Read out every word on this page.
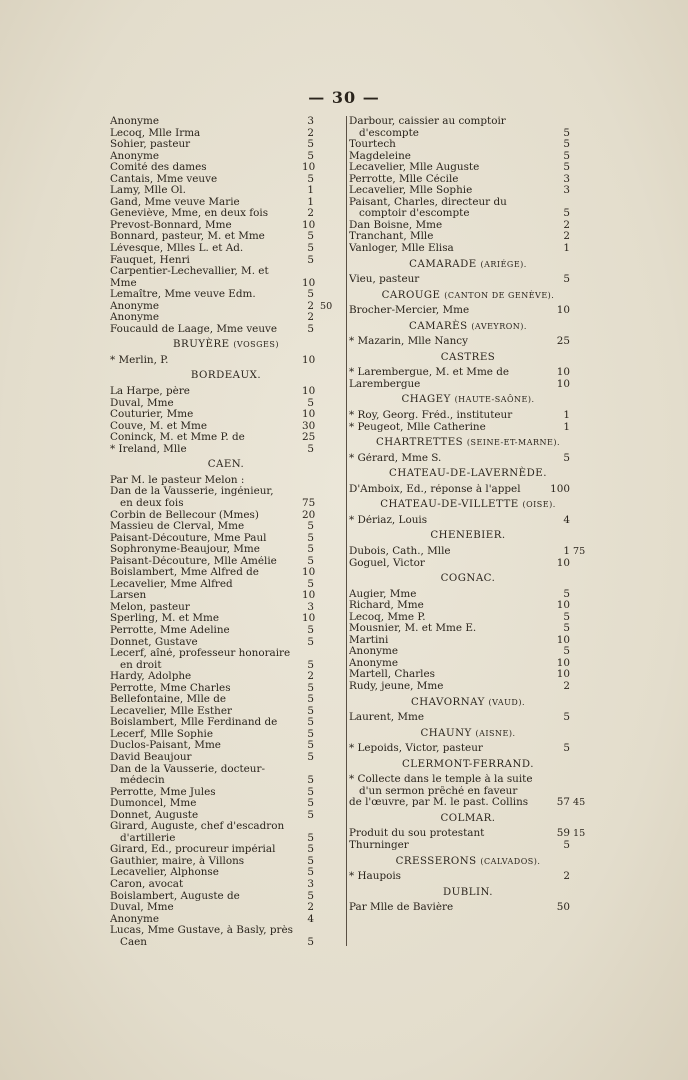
— 30 —
Anonyme	3
Lecoq, Mlle Irma	2
Sohier, pasteur	5
Anonyme	5
Comité des dames	10
Cantais, Mme veuve	5
Lamy, Mlle Ol.	1
Gand, Mme veuve Marie	1
Geneviève, Mme, en deux fois	2
Prevost-Bonnard, Mme	10
Bonnard, pasteur, M. et Mme	5
Lévesque, Mlles L. et Ad.	5
Fauquet, Henri	5
Carpentier-Lechevallier, M. et
Mme	10
Lemaître, Mme veuve Edm.	5
Anonyme	2 50
Anonyme	2
Foucauld de Laage, Mme veuve	5
BRUYÈRE (VOSGES)
* Merlin, P.	10
BORDEAUX.
La Harpe, père	10
Duval, Mme	5
Couturier, Mme	10
Couve, M. et Mme	30
Coninck, M. et Mme P. de	25
* Ireland, Mlle	5
CAEN.
Par M. le pasteur Melon :
Dan de la Vausserie, ingénieur,
en deux fois	75
Corbin de Bellecour (Mmes)	20
Massieu de Clerval, Mme	5
Paisant-Découture, Mme Paul	5
Sophronyme-Beaujour, Mme	5
Paisant-Découture, Mlle Amélie	5
Boislambert, Mme Alfred de	10
Lecavelier, Mme Alfred	5
Larsen	10
Melon, pasteur	3
Sperling, M. et Mme	10
Perrotte, Mme Adeline	5
Donnet, Gustave	5
Lecerf, aîné, professeur honoraire
en droit	5
Hardy, Adolphe	2
Perrotte, Mme Charles	5
Bellefontaine, Mlle de	5
Lecavelier, Mlle Esther	5
Boislambert, Mlle Ferdinand de	5
Lecerf, Mlle Sophie	5
Duclos-Paisant, Mme	5
David Beaujour	5
Dan de la Vausserie, docteur-
médecin	5
Perrotte, Mme Jules	5
Dumoncel, Mme	5
Donnet, Auguste	5
Girard, Auguste, chef d'escadron
d'artillerie	5
Girard, Ed., procureur impérial	5
Gauthier, maire, à Villons	5
Lecavelier, Alphonse	5
Caron, avocat	3
Boislambert, Auguste de	5
Duval, Mme	2
Anonyme	4
Lucas, Mme Gustave, à Basly, près
Caen	5
Darbour, caissier au comptoir
d'escompte	5
Tourtech	5
Magdeleine	5
Lecavelier, Mlle Auguste	5
Perrotte, Mlle Cécile	3
Lecavelier, Mlle Sophie	3
Paisant, Charles, directeur du
comptoir d'escompte	5
Dan Boisne, Mme	2
Tranchant, Mlle	2
Vanloger, Mlle Elisa	1
CAMARADE (ARIÉGE).
Vieu, pasteur	5
CAROUGE (CANTON DE GENÈVE).
Brocher-Mercier, Mme	10
CAMARÈS (AVEYRON).
* Mazarin, Mlle Nancy	25
CASTRES
* Larembergue, M. et Mme de	10
Larembergue	10
CHAGEY (HAUTE-SAÔNE).
* Roy, Georg. Fréd., instituteur	1
* Peugeot, Mlle Catherine	1
CHARTRETTES (SEINE-ET-MARNE).
* Gérard, Mme S.	5
CHATEAU-DE-LAVERNÈDE.
D'Amboix, Ed., réponse à l'appel	100
CHATEAU-DE-VILLETTE (OISE).
* Dériaz, Louis	4
CHENEBIER.
Dubois, Cath., Mlle	1 75
Goguel, Victor	10
COGNAC.
Augier, Mme	5
Richard, Mme	10
Lecoq, Mme P.	5
Mousnier, M. et Mme E.	5
Martini	10
Anonyme	5
Anonyme	10
Martell, Charles	10
Rudy, jeune, Mme	2
CHAVORNAY (VAUD).
Laurent, Mme	5
CHAUNY (AISNE).
* Lepoids, Victor, pasteur	5
CLERMONT-FERRAND.
* Collecte dans le temple à la suite
d'un sermon prêché en faveur
de l'œuvre, par M. le past. Collins	57 45
COLMAR.
Produit du sou protestant	59 15
Thurninger	5
CRESSERONS (CALVADOS).
* Haupois	2
DUBLIN.
Par Mlle de Bavière	50
